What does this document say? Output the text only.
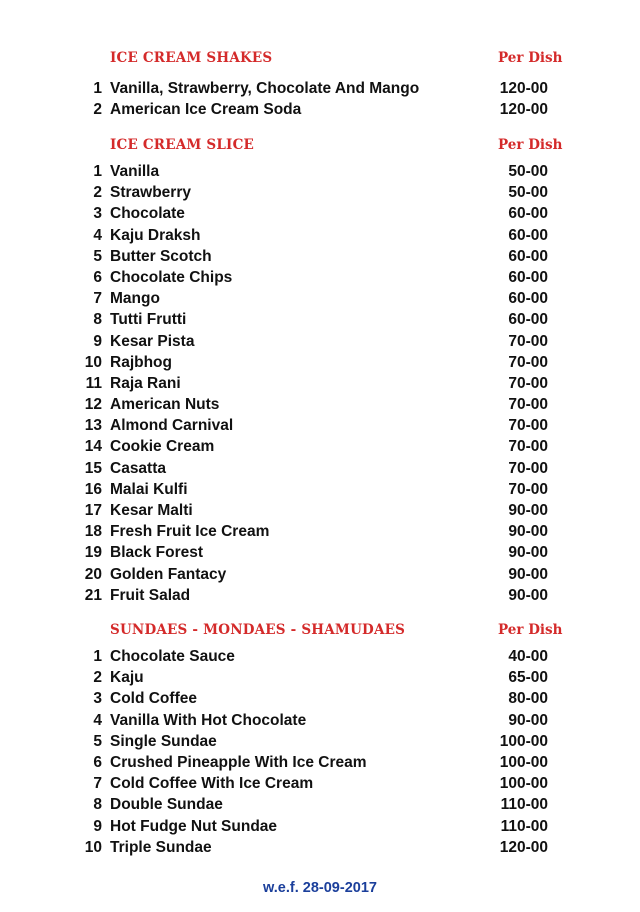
ICE CREAM SHAKES	Per Dish
1 Vanilla, Strawberry, Chocolate And Mango	120-00
2 American Ice Cream Soda	120-00
ICE CREAM SLICE	Per Dish
1 Vanilla	50-00
2 Strawberry	50-00
3 Chocolate	60-00
4 Kaju Draksh	60-00
5 Butter Scotch	60-00
6 Chocolate Chips	60-00
7 Mango	60-00
8 Tutti Frutti	60-00
9 Kesar Pista	70-00
10 Rajbhog	70-00
11 Raja Rani	70-00
12 American Nuts	70-00
13 Almond Carnival	70-00
14 Cookie Cream	70-00
15 Casatta	70-00
16 Malai Kulfi	70-00
17 Kesar Malti	90-00
18 Fresh Fruit Ice Cream	90-00
19 Black Forest	90-00
20 Golden Fantacy	90-00
21 Fruit Salad	90-00
SUNDAES - MONDAES - SHAMUDAES	Per Dish
1 Chocolate Sauce	40-00
2 Kaju	65-00
3 Cold Coffee	80-00
4 Vanilla With Hot Chocolate	90-00
5 Single Sundae	100-00
6 Crushed Pineapple With Ice Cream	100-00
7 Cold Coffee With Ice Cream	100-00
8 Double Sundae	110-00
9 Hot Fudge Nut Sundae	110-00
10 Triple Sundae	120-00
w.e.f. 28-09-2017
